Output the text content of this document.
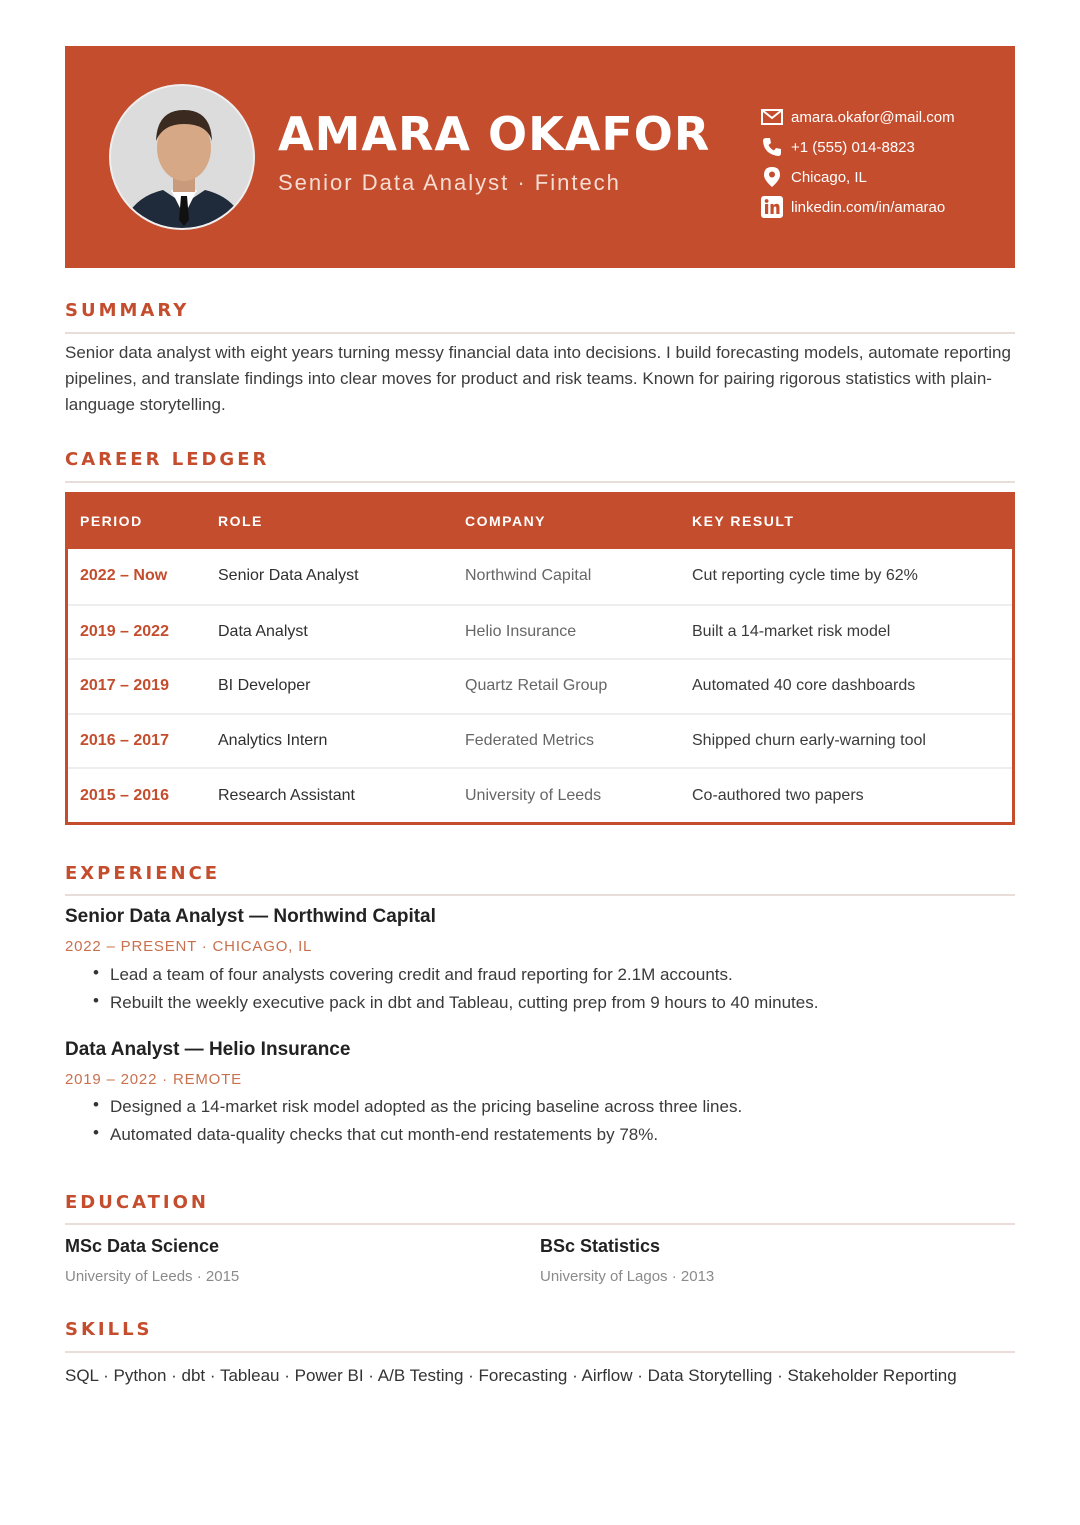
AMARA OKAFOR
Senior Data Analyst · Fintech
amara.okafor@mail.com
+1 (555) 014-8823
Chicago, IL
linkedin.com/in/amarao
SUMMARY

Senior data analyst with eight years turning messy financial data into decisions. I build forecasting models, automate reporting pipelines, and translate findings into clear moves for product and risk teams. Known for pairing rigorous statistics with plain-language storytelling.

CAREER LEDGER
PERIOD	ROLE	COMPANY	KEY RESULT
2022 – Now	Senior Data Analyst	Northwind Capital	Cut reporting cycle time by 62%
2019 – 2022	Data Analyst	Helio Insurance	Built a 14-market risk model
2017 – 2019	BI Developer	Quartz Retail Group	Automated 40 core dashboards
2016 – 2017	Analytics Intern	Federated Metrics	Shipped churn early-warning tool
2015 – 2016	Research Assistant	University of Leeds	Co-authored two papers
EXPERIENCE
Senior Data Analyst — Northwind Capital
2022 – PRESENT · CHICAGO, IL
• Lead a team of four analysts covering credit and fraud reporting for 2.1M accounts.
• Rebuilt the weekly executive pack in dbt and Tableau, cutting prep from 9 hours to 40 minutes.
Data Analyst — Helio Insurance
2019 – 2022 · REMOTE
• Designed a 14-market risk model adopted as the pricing baseline across three lines.
• Automated data-quality checks that cut month-end restatements by 78%.
EDUCATION
MSc Data Science
University of Leeds · 2015
BSc Statistics
University of Lagos · 2013
SKILLS
SQL · Python · dbt · Tableau · Power BI · A/B Testing · Forecasting · Airflow · Data Storytelling · Stakeholder Reporting
